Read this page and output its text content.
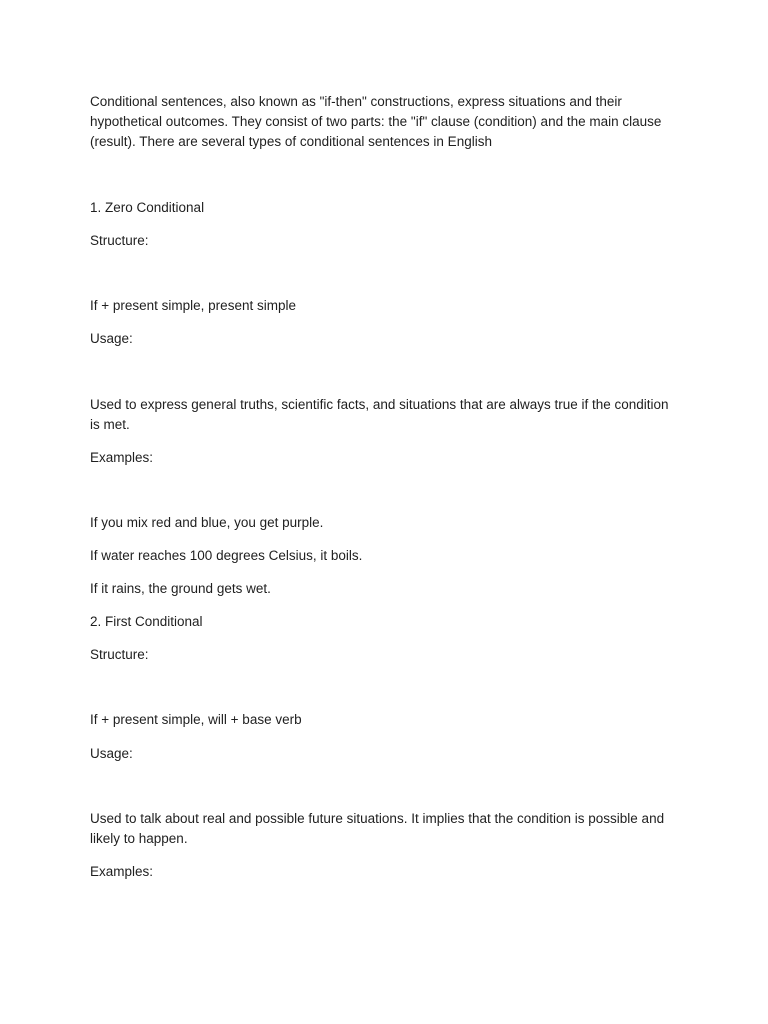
Conditional sentences, also known as "if-then" constructions, express situations and their hypothetical outcomes. They consist of two parts: the "if" clause (condition) and the main clause (result). There are several types of conditional sentences in English

1. Zero Conditional

Structure:

If + present simple, present simple

Usage:

Used to express general truths, scientific facts, and situations that are always true if the condition is met.

Examples:

If you mix red and blue, you get purple.

If water reaches 100 degrees Celsius, it boils.

If it rains, the ground gets wet.

2. First Conditional

Structure:

If + present simple, will + base verb

Usage:

Used to talk about real and possible future situations. It implies that the condition is possible and likely to happen.

Examples:
